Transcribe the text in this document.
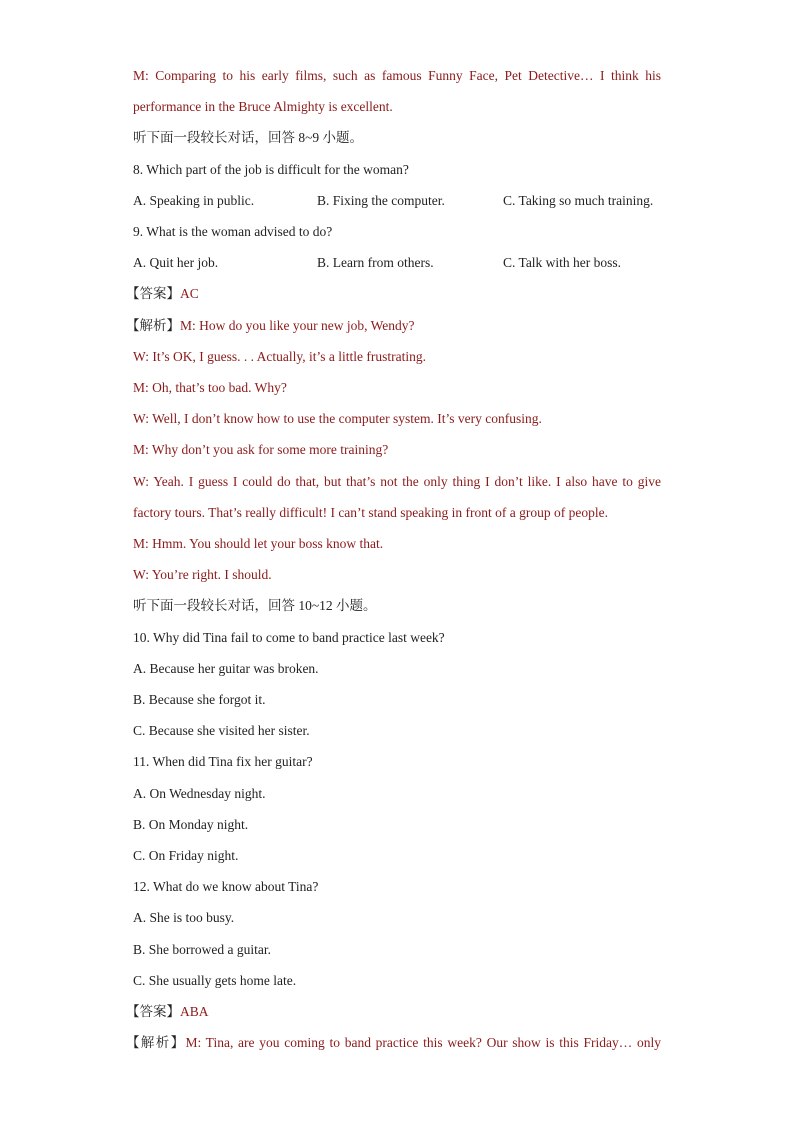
M: Comparing to his early films, such as famous Funny Face, Pet Detective… I think his
performance in the Bruce Almighty is excellent.
听下面一段较长对话，回答 8~9 小题。
8. Which part of the job is difficult for the woman?
A. Speaking in public.	B. Fixing the computer.	C. Taking so much training.
9. What is the woman advised to do?
A. Quit her job.	B. Learn from others.	C. Talk with her boss.
【答案】AC
【解析】M: How do you like your new job, Wendy?
W: It’s OK, I guess. . . Actually, it’s a little frustrating.
M: Oh, that’s too bad. Why?
W: Well, I don’t know how to use the computer system. It’s very confusing.
M: Why don’t you ask for some more training?
W: Yeah. I guess I could do that, but that’s not the only thing I don’t like. I also have to give
factory tours. That’s really difficult! I can’t stand speaking in front of a group of people.
M: Hmm. You should let your boss know that.
W: You’re right. I should.
听下面一段较长对话，回答 10~12 小题。
10. Why did Tina fail to come to band practice last week?
A. Because her guitar was broken.
B. Because she forgot it.
C. Because she visited her sister.
11. When did Tina fix her guitar?
A. On Wednesday night.
B. On Monday night.
C. On Friday night.
12. What do we know about Tina?
A. She is too busy.
B. She borrowed a guitar.
C. She usually gets home late.
【答案】ABA
【解析】M: Tina, are you coming to band practice this week? Our show is this Friday… only
